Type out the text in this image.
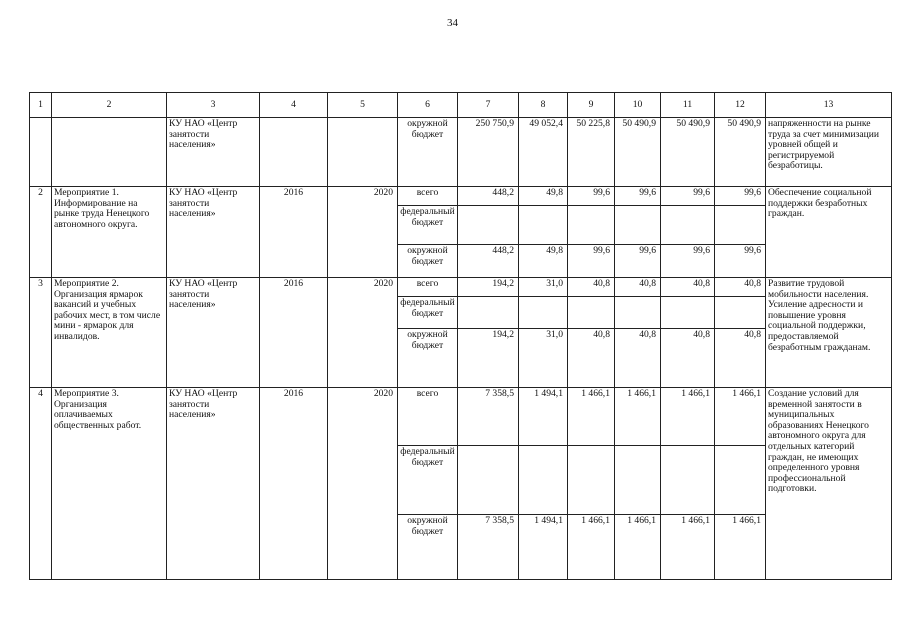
34
1	2	3	4	5	6	7	8	9	10	11	12	13
		КУ НАО «Центр занятости населения»			окружной бюджет	250 750,9	49 052,4	50 225,8	50 490,9	50 490,9	50 490,9	напряженности на рынке труда за счет минимизации уровней общей и регистрируемой безработицы.
2	Мероприятие 1. Информирование на рынке труда Ненецкого автономного округа.	КУ НАО «Центр занятости населения»	2016	2020	всего	448,2	49,8	99,6	99,6	99,6	99,6	Обеспечение социальной поддержки безработных граждан.
					федеральный бюджет							
					окружной бюджет	448,2	49,8	99,6	99,6	99,6	99,6	
3	Мероприятие 2. Организация ярмарок вакансий и учебных рабочих мест, в том числе мини - ярмарок для инвалидов.	КУ НАО «Центр занятости населения»	2016	2020	всего	194,2	31,0	40,8	40,8	40,8	40,8	Развитие трудовой мобильности населения. Усиление адресности и повышение уровня социальной поддержки, предоставляемой безработным гражданам.
					федеральный бюджет							
					окружной бюджет	194,2	31,0	40,8	40,8	40,8	40,8	
4	Мероприятие 3. Организация оплачиваемых общественных работ.	КУ НАО «Центр занятости населения»	2016	2020	всего	7 358,5	1 494,1	1 466,1	1 466,1	1 466,1	1 466,1	Создание условий для временной занятости в муниципальных образованиях Ненецкого автономного округа для отдельных категорий граждан, не имеющих определенного уровня профессиональной подготовки.
					федеральный бюджет							
					окружной бюджет	7 358,5	1 494,1	1 466,1	1 466,1	1 466,1	1 466,1	
